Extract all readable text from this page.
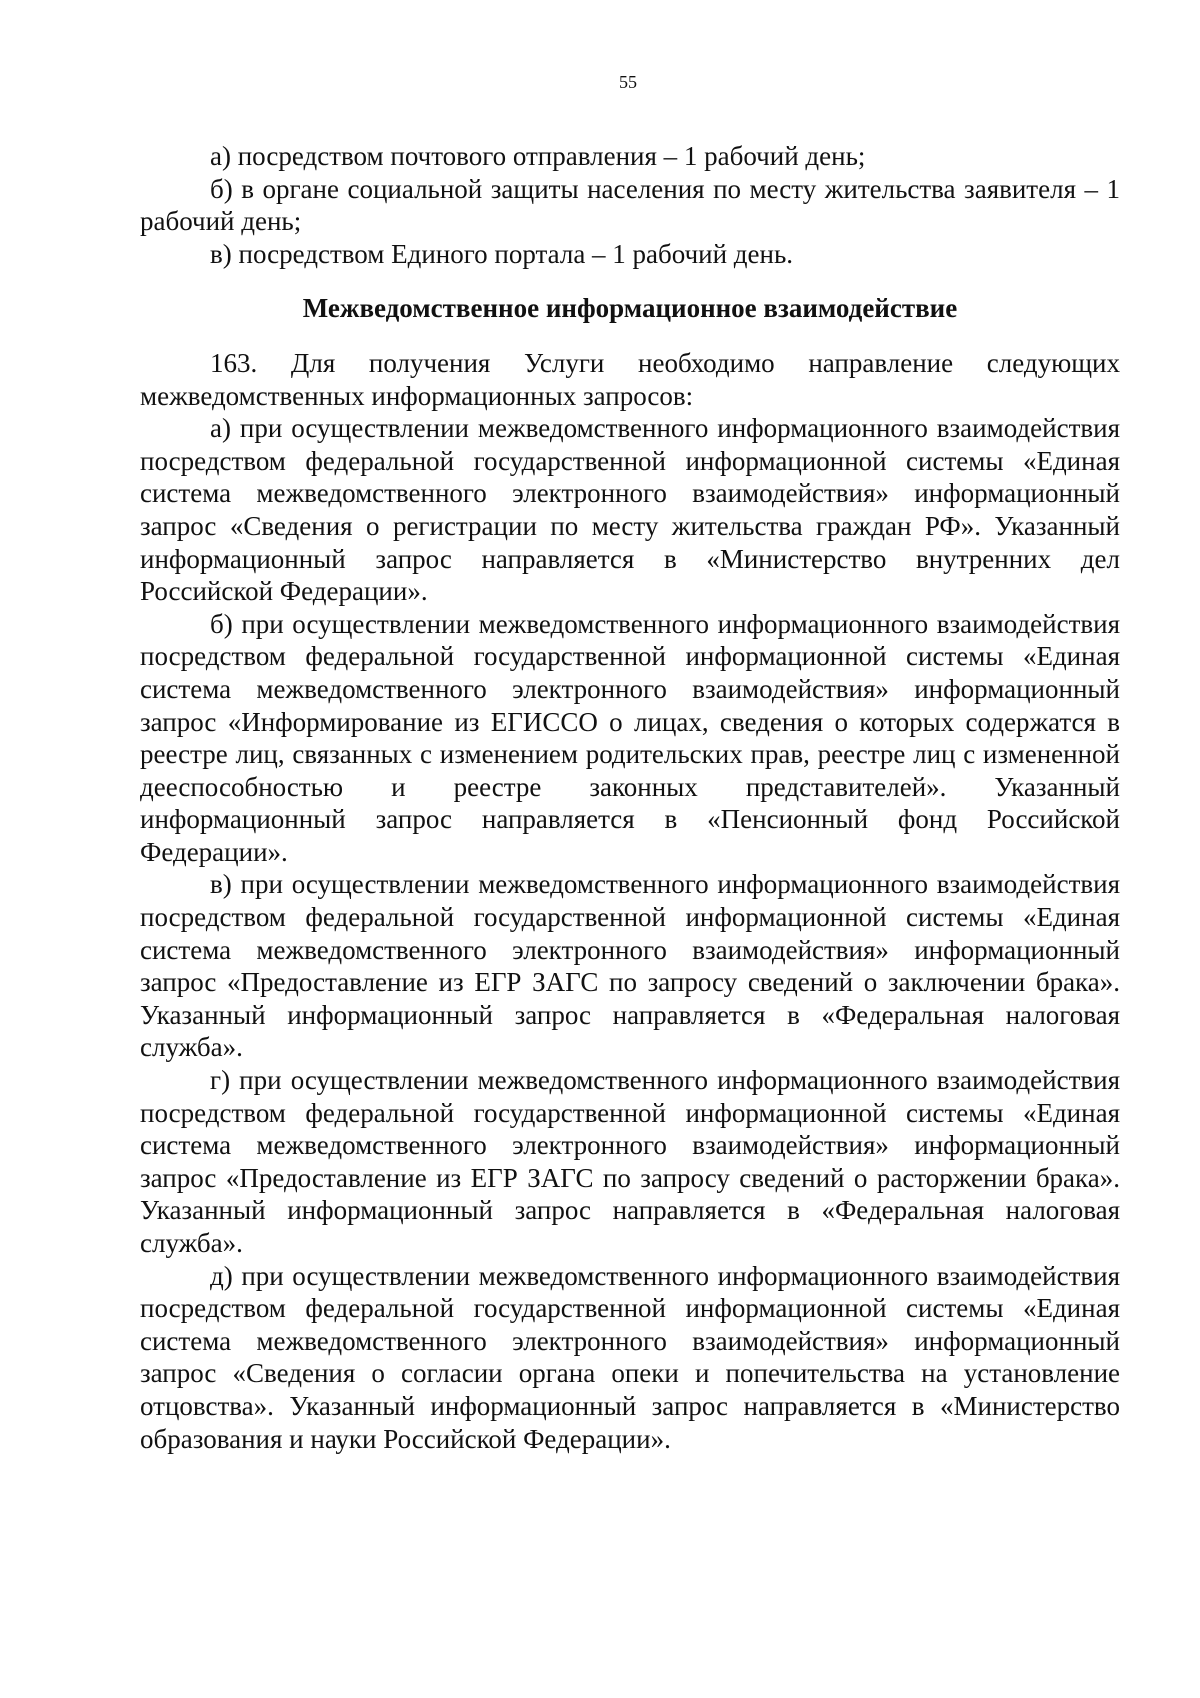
55

а) посредством почтового отправления – 1 рабочий день;

б) в органе социальной защиты населения по месту жительства заявителя – 1 рабочий день;

в) посредством Единого портала – 1 рабочий день.

Межведомственное информационное взаимодействие

163. Для получения Услуги необходимо направление следующих межведомственных информационных запросов:

а) при осуществлении межведомственного информационного взаимодействия посредством федеральной государственной информационной системы «Единая система межведомственного электронного взаимодействия» информационный запрос «Сведения о регистрации по месту жительства граждан РФ». Указанный информационный запрос направляется в «Министерство внутренних дел Российской Федерации».

б) при осуществлении межведомственного информационного взаимодействия посредством федеральной государственной информационной системы «Единая система межведомственного электронного взаимодействия» информационный запрос «Информирование из ЕГИССО о лицах, сведения о которых содержатся в реестре лиц, связанных с изменением родительских прав, реестре лиц с измененной дееспособностью и реестре законных представителей». Указанный информационный запрос направляется в «Пенсионный фонд Российской Федерации».

в) при осуществлении межведомственного информационного взаимодействия посредством федеральной государственной информационной системы «Единая система межведомственного электронного взаимодействия» информационный запрос «Предоставление из ЕГР ЗАГС по запросу сведений о заключении брака». Указанный информационный запрос направляется в «Федеральная налоговая служба».

г) при осуществлении межведомственного информационного взаимодействия посредством федеральной государственной информационной системы «Единая система межведомственного электронного взаимодействия» информационный запрос «Предоставление из ЕГР ЗАГС по запросу сведений о расторжении брака». Указанный информационный запрос направляется в «Федеральная налоговая служба».

д) при осуществлении межведомственного информационного взаимодействия посредством федеральной государственной информационной системы «Единая система межведомственного электронного взаимодействия» информационный запрос «Сведения о согласии органа опеки и попечительства на установление отцовства». Указанный информационный запрос направляется в «Министерство образования и науки Российской Федерации».
